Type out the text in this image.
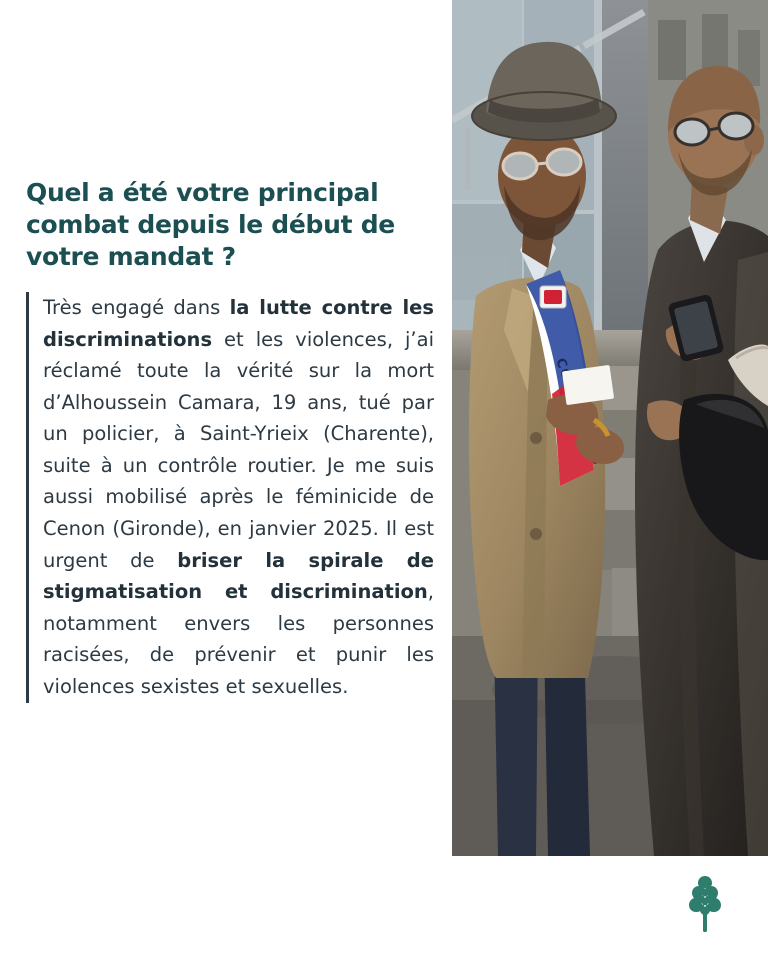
Quel a été votre principal combat depuis le début de votre mandat ?
Très engagé dans la lutte contre les discriminations et les violences, j’ai réclamé toute la vérité sur la mort d’Alhoussein Camara, 19 ans, tué par un policier, à Saint-Yrieix (Charente), suite à un contrôle routier. Je me suis aussi mobilisé après le féminicide de Cenon (Gironde), en janvier 2025. Il est urgent de briser la spirale de stigmatisation et discrimination, notamment envers les personnes racisées, de prévenir et punir les violences sexistes et sexuelles.
